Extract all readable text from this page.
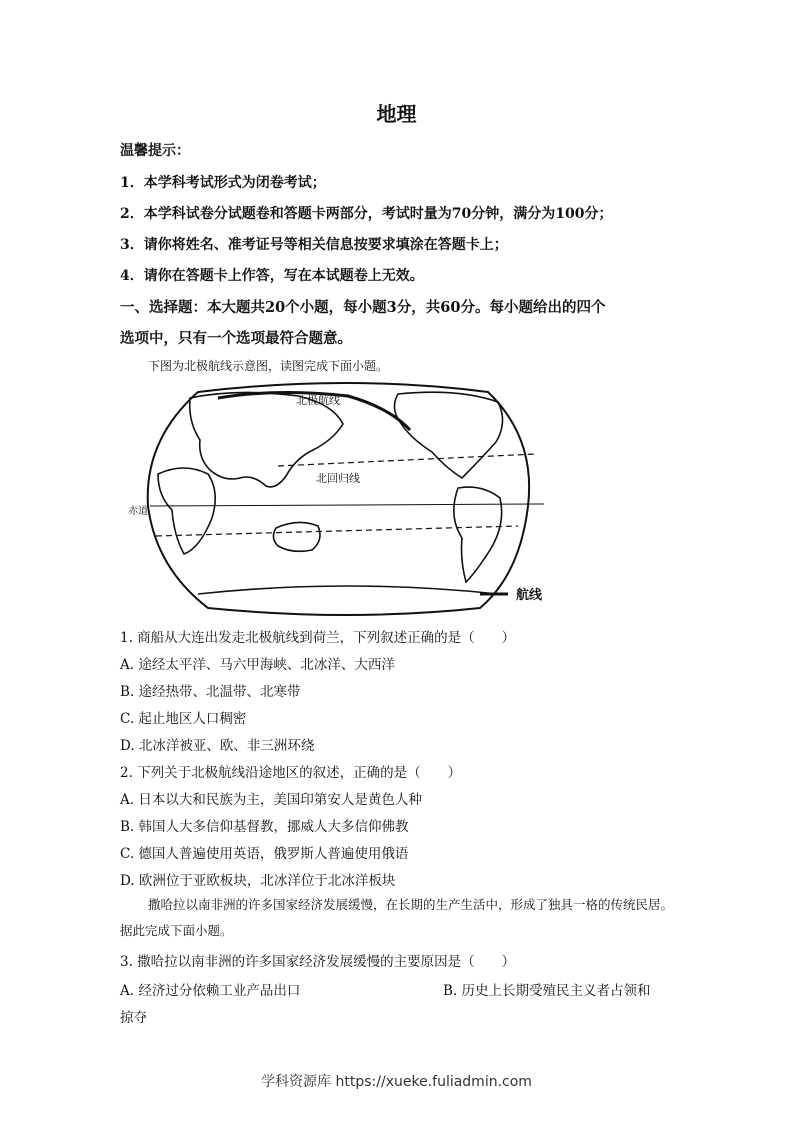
地理
温馨提示：
1．本学科考试形式为闭卷考试；
2．本学科试卷分试题卷和答题卡两部分，考试时量为70分钟，满分为100分；
3．请你将姓名、准考证号等相关信息按要求填涂在答题卡上；
4．请你在答题卡上作答，写在本试题卷上无效。
一、选择题：本大题共20个小题，每小题3分，共60分。每小题给出的四个
选项中，只有一个选项最符合题意。
下图为北极航线示意图，读图完成下面小题。
北极航线
北回归线
赤道
航线
1. 商船从大连出发走北极航线到荷兰，下列叙述正确的是（　　）
A. 途经太平洋、马六甲海峡、北冰洋、大西洋
B. 途经热带、北温带、北寒带
C. 起止地区人口稠密
D. 北冰洋被亚、欧、非三洲环绕
2. 下列关于北极航线沿途地区的叙述，正确的是（　　）
A. 日本以大和民族为主，美国印第安人是黄色人种
B. 韩国人大多信仰基督教，挪威人大多信仰佛教
C. 德国人普遍使用英语，俄罗斯人普遍使用俄语
D. 欧洲位于亚欧板块，北冰洋位于北冰洋板块
撒哈拉以南非洲的许多国家经济发展缓慢，在长期的生产生活中，形成了独具一格的传统民居。据此完成下面小题。
3. 撒哈拉以南非洲的许多国家经济发展缓慢的主要原因是（　　）
A. 经济过分依赖工业产品出口	B. 历史上长期受殖民主义者占领和
掠夺
学科资源库 https://xueke.fuliadmin.com
